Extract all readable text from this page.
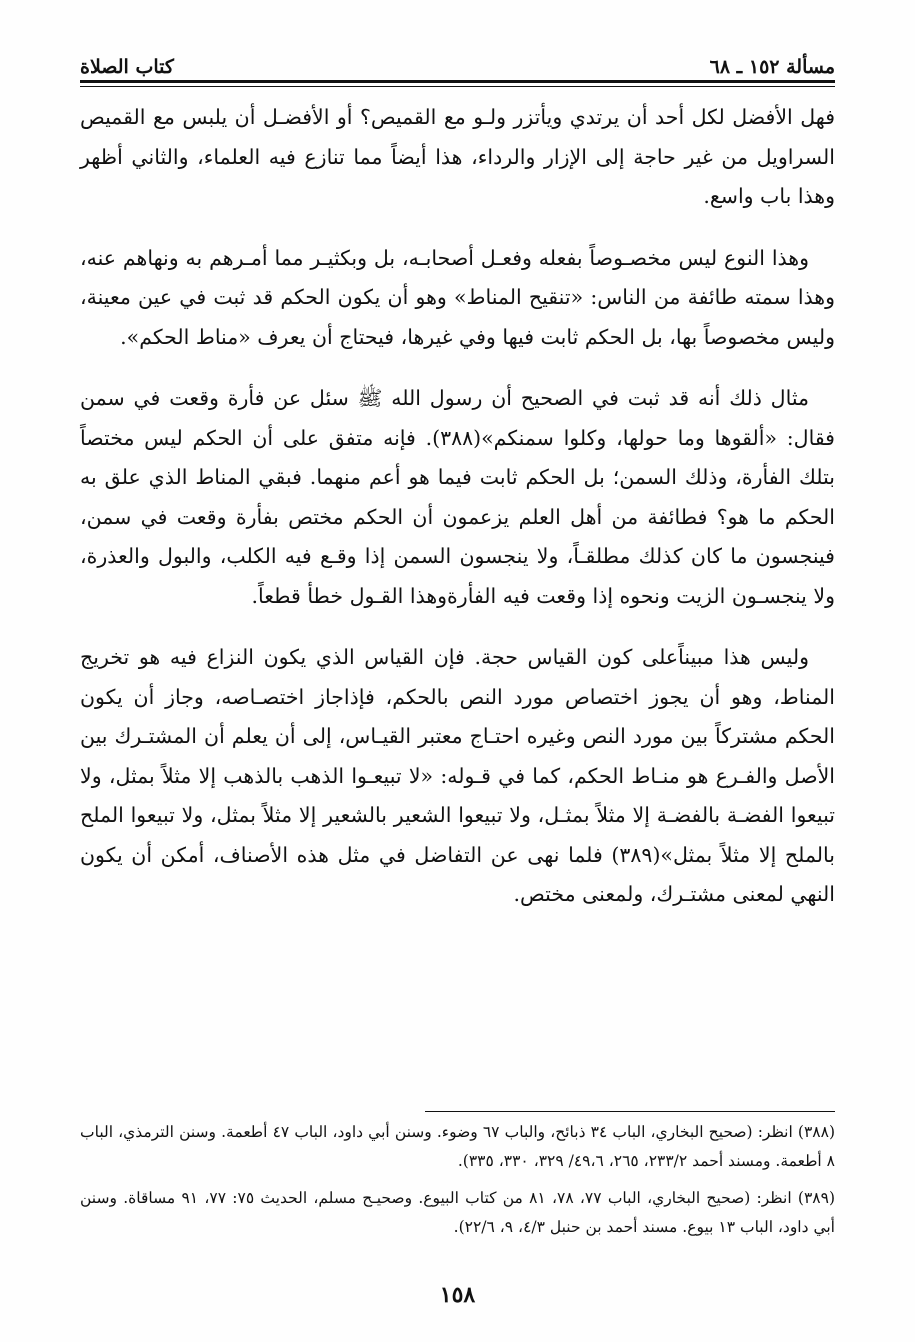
مسألة ١٥٢ ـ ٦٨
كتاب الصلاة

فهل الأفضل لكل أحد أن يرتدي ويأتزر ولـو مع القميص؟ أو الأفضـل أن يلبس مع القميص السراويل من غير حاجة إلى الإزار والرداء، هذا أيضاً مما تنازع فيه العلماء، والثاني أظهر وهذا باب واسع.

وهذا النوع ليس مخصـوصاً بفعله وفعـل أصحابـه، بل وبكثيـر مما أمـرهم به ونهاهم عنه، وهذا سمته طائفة من الناس: «تنقيح المناط» وهو أن يكون الحكم قد ثبت في عين معينة، وليس مخصوصاً بها، بل الحكم ثابت فيها وفي غيرها، فيحتاج أن يعرف «مناط الحكم».

مثال ذلك أنه قد ثبت في الصحيح أن رسول الله ﷺ سئل عن فأرة وقعت في سمن فقال: «ألقوها وما حولها، وكلوا سمنكم»(٣٨٨). فإنه متفق على أن الحكم ليس مختصاً بتلك الفأرة، وذلك السمن؛ بل الحكم ثابت فيما هو أعم منهما. فبقي المناط الذي علق به الحكم ما هو؟ فطائفة من أهل العلم يزعمون أن الحكم مختص بفأرة وقعت في سمن، فينجسون ما كان كذلك مطلقـاً، ولا ينجسون السمن إذا وقـع فيه الكلب، والبول والعذرة، ولا ينجسـون الزيت ونحوه إذا وقعت فيه الفأرةوهذا القـول خطأ قطعاً.

وليس هذا مبيناًعلى كون القياس حجة. فإن القياس الذي يكون النزاع فيه هو تخريج المناط، وهو أن يجوز اختصاص مورد النص بالحكم، فإذاجاز اختصـاصه، وجاز أن يكون الحكم مشتركاً بين مورد النص وغيره احتـاج معتبر القيـاس، إلى أن يعلم أن المشتـرك بين الأصل والفـرع هو منـاط الحكم، كما في قـوله: «لا تبيعـوا الذهب بالذهب إلا مثلاً بمثل، ولا تبيعوا الفضـة بالفضـة إلا مثلاً بمثـل، ولا تبيعوا الشعير بالشعير إلا مثلاً بمثل، ولا تبيعوا الملح بالملح إلا مثلاً بمثل»(٣٨٩) فلما نهى عن التفاضل في مثل هذه الأصناف، أمكن أن يكون النهي لمعنى مشتـرك، ولمعنى مختص.

(٣٨٨) انظر: (صحيح البخاري، الباب ٣٤ ذبائح، والباب ٦٧ وضوء. وسنن أبي داود، الباب ٤٧ أطعمة. وسنن الترمذي، الباب ٨ أطعمة. ومسند أحمد ٢٣٣/٢، ٢٦٥، ٤٩،٦/ ٣٢٩، ٣٣٠، ٣٣٥).

(٣٨٩) انظر: (صحيح البخاري، الباب ٧٧، ٧٨، ٨١ من كتاب البيوع. وصحيـح مسلم، الحديث ٧٥: ٧٧، ٩١ مساقاة. وسنن أبي داود، الباب ١٣ بيوع. مسند أحمد بن حنبل ٤/٣، ٩، ٢٢/٦).

١٥٨
